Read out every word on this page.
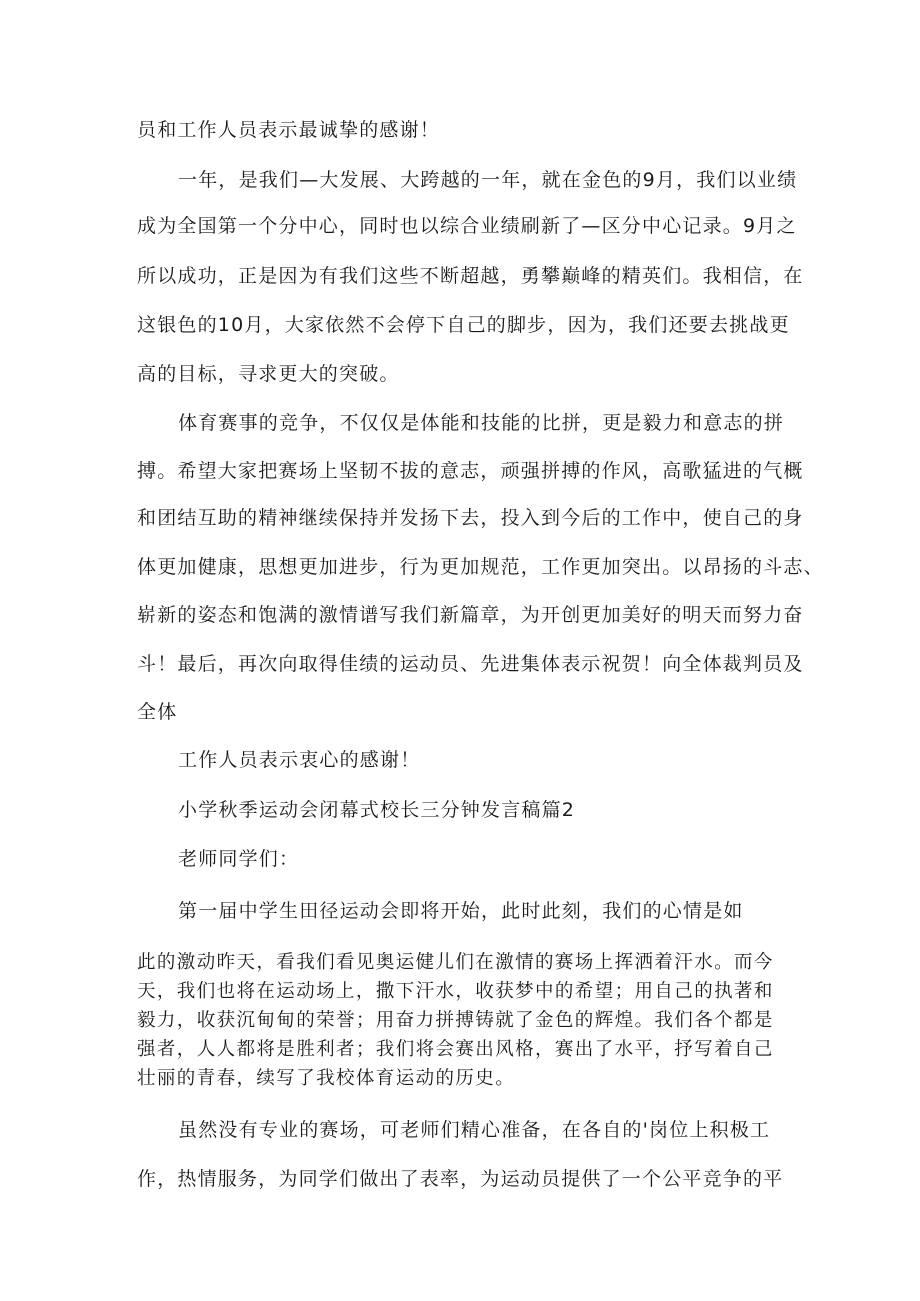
员和工作人员表示最诚挚的感谢！
一年，是我们—大发展、大跨越的一年，就在金色的9月，我们以业绩
成为全国第一个分中心，同时也以综合业绩刷新了—区分中心记录。9月之
所以成功，正是因为有我们这些不断超越，勇攀巅峰的精英们。我相信，在
这银色的10月，大家依然不会停下自己的脚步，因为，我们还要去挑战更
高的目标，寻求更大的突破。
体育赛事的竞争，不仅仅是体能和技能的比拼，更是毅力和意志的拼
搏。希望大家把赛场上坚韧不拔的意志，顽强拼搏的作风，高歌猛进的气概
和团结互助的精神继续保持并发扬下去，投入到今后的工作中，使自己的身
体更加健康，思想更加进步，行为更加规范，工作更加突出。以昂扬的斗志、
崭新的姿态和饱满的激情谱写我们新篇章，为开创更加美好的明天而努力奋
斗！最后，再次向取得佳绩的运动员、先进集体表示祝贺！向全体裁判员及
全体
工作人员表示衷心的感谢！
小学秋季运动会闭幕式校长三分钟发言稿篇2
老师同学们：
第一届中学生田径运动会即将开始，此时此刻，我们的心情是如
此的激动昨天，看我们看见奥运健儿们在激情的赛场上挥洒着汗水。而今
天，我们也将在运动场上，撒下汗水，收获梦中的希望；用自己的执著和
毅力，收获沉甸甸的荣誉；用奋力拼搏铸就了金色的辉煌。我们各个都是
强者，人人都将是胜利者；我们将会赛出风格，赛出了水平，抒写着自己
壮丽的青春，续写了我校体育运动的历史。
虽然没有专业的赛场，可老师们精心准备，在各自的'岗位上积极工
作，热情服务，为同学们做出了表率，为运动员提供了一个公平竞争的平
